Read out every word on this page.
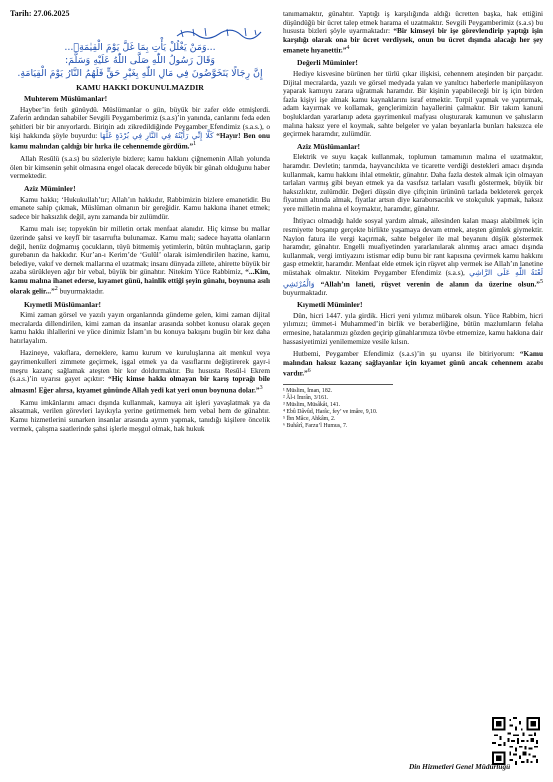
Tarih: 27.06.2025
...وَمَنْ يَغْلُلْ يَأْتِ بِمَا غَلَّ يَوْمَ الْقِيٰمَةِۚ...
وَقَالَ رَسُولُ اللّٰهِ صَلَّى اللّٰهُ عَلَيْهِ وَسَلَّمَ:
إِنَّ رِجَالًا يَتَخَوَّضُونَ فِي مَالِ اللّٰهِ بِغَيْرِ حَقٍّ فَلَهُمُ النَّارُ يَوْمَ الْقِيَامَةِ.
KAMU HAKKI DOKUNULMAZDIR
Muhterem Müslümanlar!

Hayber’in fetih günüydü. Müslümanlar o gün, büyük bir zafer elde etmişlerdi. Zaferin ardından sahabiler Sevgili Peygamberimiz (s.a.s)’in yanında, canlarını feda eden şehitleri bir bir anıyorlardı. Birinin adı zikredildiğinde Peygamber Efendimiz (s.a.s.), o kişi hakkında şöyle buyurdu: كَلَّا إِنِّي رَأَيْتُهُ فِي النَّارِ فِي بُرْدَةٍ غَلَّهَا “Hayır! Ben onu kamu malından çaldığı bir hırka ile cehennemde gördüm.”$^1$

Allah Resûlü (s.a.s) bu sözleriyle bizlere; kamu hakkını çiğnemenin Allah yolunda ölen bir kimsenin şehit olmasına engel olacak derecede büyük bir günah olduğunu haber vermektedir.

Aziz Müminler!

Kamu hakkı; ‘Hukukullah’tır; Allah’ın hakkıdır, Rabbimizin bizlere emanetidir. Bu emanete sahip çıkmak, Müslüman olmanın bir gereğidir. Kamu hakkına ihanet etmek; sadece bir haksızlık değil, aynı zamanda bir zulümdür.

Kamu malı ise; topyekûn bir milletin ortak menfaat alanıdır. Hiç kimse bu mallar üzerinde şahsi ve keyfî bir tasarrufta bulunamaz. Kamu malı; sadece hayatta olanların değil, henüz doğmamış çocukların, tüyü bitmemiş yetimlerin, bütün muhtaçların, garip gurebanın da hakkıdır. Kur’an-ı Kerim’de ‘Gulûl’ olarak isimlendirilen hazine, kamu, belediye, vakıf ve dernek mallarına el uzatmak; insanı dünyada zillete, ahirette büyük bir azaba sürükleyen ağır bir vebal, büyük bir günahtır. Nitekim Yüce Rabbimiz, “...Kim, kamu malına ihanet ederse, kıyamet günü, hainlik ettiği şeyin günahı, boynuna asılı olarak gelir...”$^2$ buyurmaktadır.

Kıymetli Müslümanlar!

Kimi zaman görsel ve yazılı yayın organlarında gündeme gelen, kimi zaman dijital mecralarda dillendirilen, kimi zaman da insanlar arasında sohbet konusu olarak geçen kamu hakkı ihlallerini ve yüce dinimiz İslam’ın bu konuya bakışını bugün bir kez daha hatırlayalım.

Hazineye, vakıflara, derneklere, kamu kurum ve kuruluşlarına ait menkul veya gayrimenkulleri zimmete geçirmek, işgal etmek ya da vasıflarını değiştirerek gayr-i meşru kazanç sağlamak ateşten bir kor doldurmaktır. Bu hususta Resûl-i Ekrem (s.a.s.)’in uyarısı gayet açıktır: “Hiç kimse hakkı olmayan bir karış toprağı bile almasın! Eğer alırsa, kıyamet gününde Allah yedi kat yeri onun boynuna dolar.”$^3$

Kamu imkânlarını amacı dışında kullanmak, kamuya ait işleri yavaşlatmak ya da aksatmak, verilen görevleri layıkıyla yerine getirmemek hem vebal hem de günahtır. Kamu hizmetlerini sunarken insanlar arasında ayrım yapmak, tanıdığı kişilere öncelik vermek, çalışma saatlerinde şahsi işlerle meşgul olmak, hak hukuk

tanımamaktır, günahtır. Yaptığı iş karşılığında aldığı ücretten başka, hak ettiğini düşündüğü bir ücret talep etmek harama el uzatmaktır. Sevgili Peygamberimiz (s.a.s) bu hususta bizleri şöyle uyarmaktadır: “Bir kimseyi bir işe görevlendirip yaptığı işin karşılığı olarak ona bir ücret verdiysek, onun bu ücret dışında alacağı her şey emanete hıyanettir.”$^4$

Değerli Müminler!

Hediye kisvesine bürünen her türlü çıkar ilişkisi, cehennem ateşinden bir parçadır. Dijital mecralarda, yazılı ve görsel medyada yalan ve yanıltıcı haberlerle manipülasyon yaparak kamuyu zarara uğratmak haramdır. Bir kişinin yapabileceği bir iş için birden fazla kişiyi işe almak kamu kaynaklarını israf etmektir. Torpil yapmak ve yaptırmak, adam kayırmak ve kollamak, gençlerimizin hayallerini çalmaktır. Bir takım kanuni boşluklardan yararlanıp adeta gayrimenkul mafyası oluşturarak kamunun ve şahısların malına haksız yere el koymak, sahte belgeler ve yalan beyanlarla bunları haksızca ele geçirmek haramdır, zulümdür.

Aziz Müslümanlar!

Elektrik ve suyu kaçak kullanmak, toplumun tamamının malına el uzatmaktır, haramdır. Devletin; tarımda, hayvancılıkta ve ticarette verdiği destekleri amacı dışında kullanmak, kamu hakkını ihlal etmektir, günahtır. Daha fazla destek almak için olmayan tarlaları varmış gibi beyan etmek ya da vasıfsız tarlaları vasıflı göstermek, büyük bir haksızlıktır, zulümdür. Değeri düşsün diye çiftçinin ürününü tarlada bekleterek gerçek fiyatının altında almak, fiyatlar artsın diye karaborsacılık ve stokçuluk yapmak, haksız yere milletin malına el koymaktır, haramdır, günahtır.

İhtiyacı olmadığı halde sosyal yardım almak, ailesinden kalan maaşı alabilmek için resmiyette boşanıp gerçekte birlikte yaşamaya devam etmek, ateşten gömlek giymektir. Naylon fatura ile vergi kaçırmak, sahte belgeler ile mal beyanını düşük göstermek haramdır, günahtır. Engelli muafiyetinden yararlanılarak alınmış aracı amacı dışında kullanmak, vergi imtiyazını istismar edip bunu bir rant kapısına çevirmek kamu hakkını gasp etmektir, haramdır. Menfaat elde etmek için rüşvet alıp vermek ise Allah’ın lanetine müstahak olmaktır. Nitekim Peygamber Efendimiz (s.a.s), لَعْنَةُ اللّٰهِ عَلَى الرَّاشِي وَالْمُرْتَشِي “Allah’ın laneti, rüşvet verenin de alanın da üzerine olsun.”$^5$ buyurmaktadır.

Kıymetli Müminler!

Dün, hicri 1447. yıla girdik. Hicri yeni yılımız mübarek olsun. Yüce Rabbim, hicri yılımızı; ümmet-i Muhammed’in birlik ve beraberliğine, bütün mazlumların felaha ermesine, hatalarımızı gözden geçirip günahlarımıza tövbe etmemize, kamu hakkına dair hassasiyetimizi yenilememize vesile kılsın.

Hutbemi, Peygamber Efendimiz (s.a.s)’in şu uyarısı ile bitiriyorum: “Kamu malından haksız kazanç sağlayanlar için kıyamet günü ancak cehennem azabı vardır.”$^6$

¹ Müslim, İman, 182.
² Âl-i İmrân, 3/161.
³ Müslim, Müsâkât, 141.
⁴ Ebû Dâvûd, Harâc, fey’ ve imâre, 9,10.
⁵ İbn Mâce, Ahkâm, 2.
⁶ Buhârî, Farzu’l Humus, 7.
Din Hizmetleri Genel Müdürlüğü
